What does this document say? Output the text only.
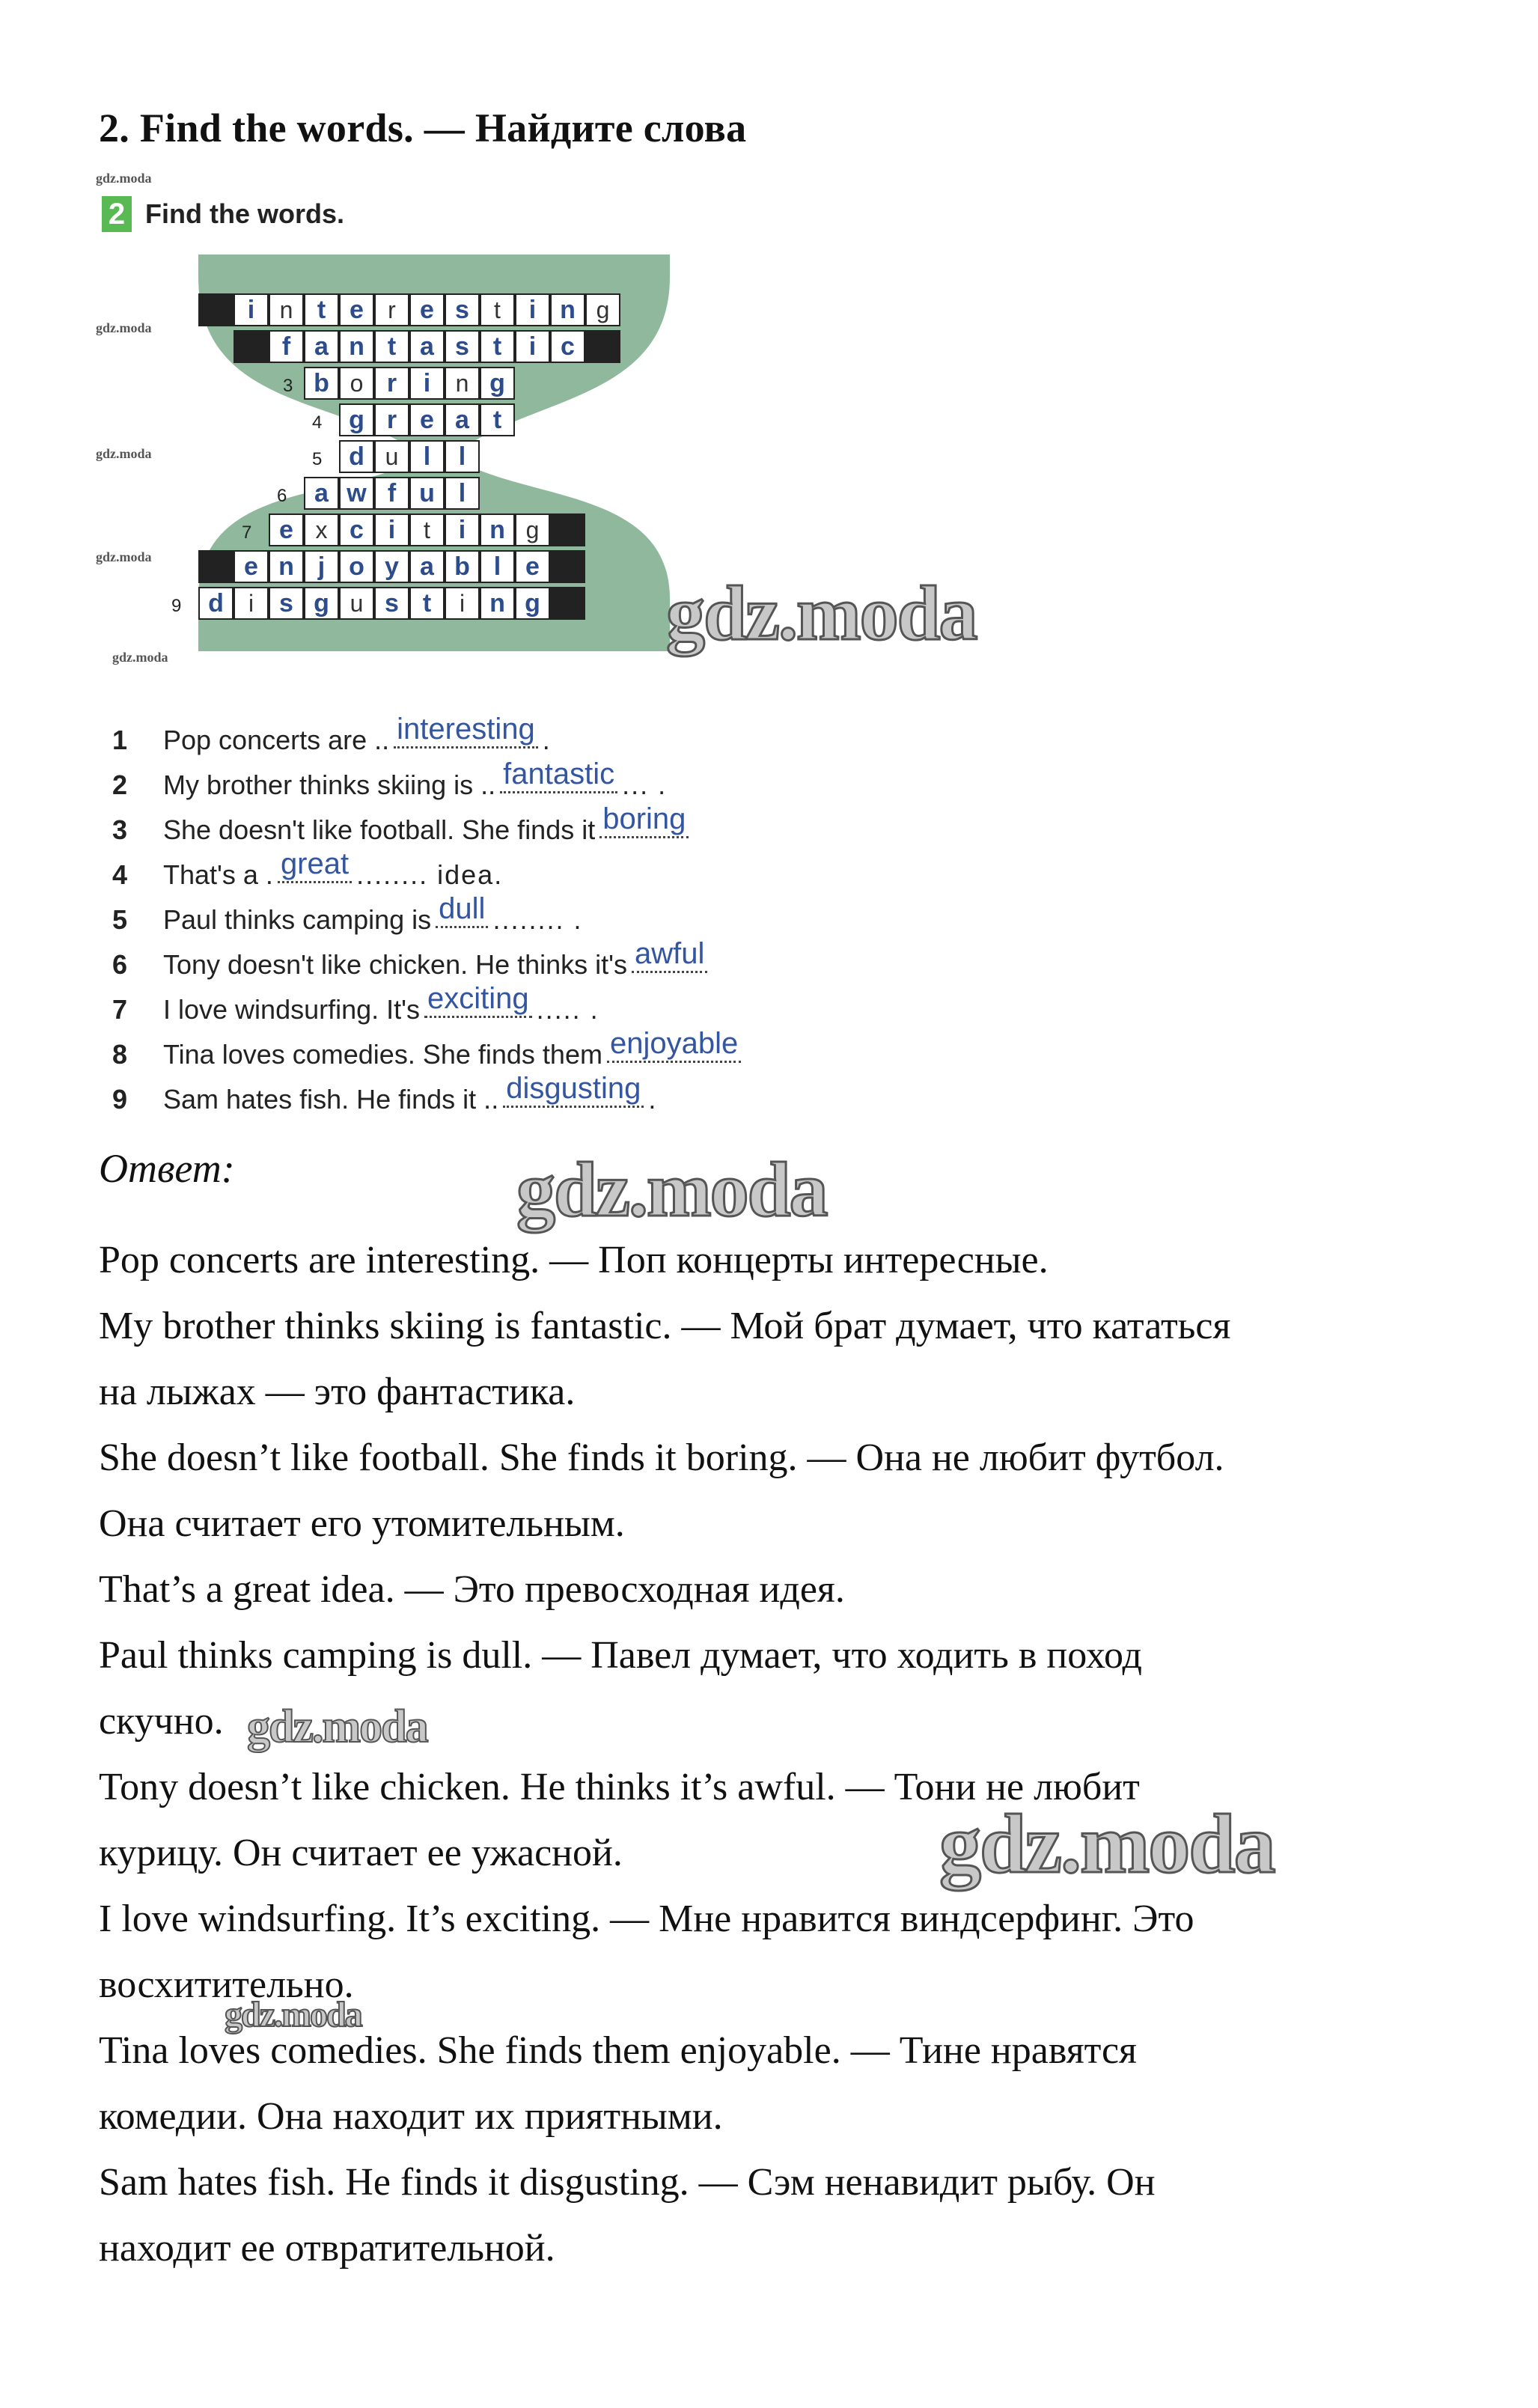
2. Find the words. — Найдите слова
gdz.moda
2 Find the words.
i n t e r e s t i n g
f a n t a s t i c
3 b o r i n g
4 g r e a t
5 d u l l
6 a w f u l
7 e x c i t i n g
e n j o y a b l e
9 d i s g u s t i n g
gdz.moda
gdz.moda
gdz.moda
gdz.moda
gdz.moda
1	Pop concerts are .. interesting .
2	My brother thinks skiing is .. fantastic ... .
3	She doesn't like football. She finds it boring
4	That's a . great ........ idea.
5	Paul thinks camping is dull ........ .
6	Tony doesn't like chicken. He thinks it's awful
7	I love windsurfing. It's exciting ..... .
8	Tina loves comedies. She finds them enjoyable
9	Sam hates fish. He finds it .. disgusting .
Ответ:	gdz.moda

Pop concerts are interesting. — Поп концерты интересные.

My brother thinks skiing is fantastic. — Мой брат думает, что кататься

на лыжах — это фантастика.

She doesn’t like football. She finds it boring. — Она не любит футбол.

Она считает его утомительным.

That’s a great idea. — Это превосходная идея.

Paul thinks camping is dull. — Павел думает, что ходить в поход

скучно.

Tony doesn’t like chicken. He thinks it’s awful. — Тони не любит

курицу. Он считает ее ужасной.

I love windsurfing. It’s exciting. — Мне нравится виндсерфинг. Это

восхитительно.

Tina loves comedies. She finds them enjoyable. — Тине нравятся

комедии. Она находит их приятными.

Sam hates fish. He finds it disgusting. — Сэм ненавидит рыбу. Он

находит ее отвратительной.

gdz.moda
gdz.moda
gdz.moda
